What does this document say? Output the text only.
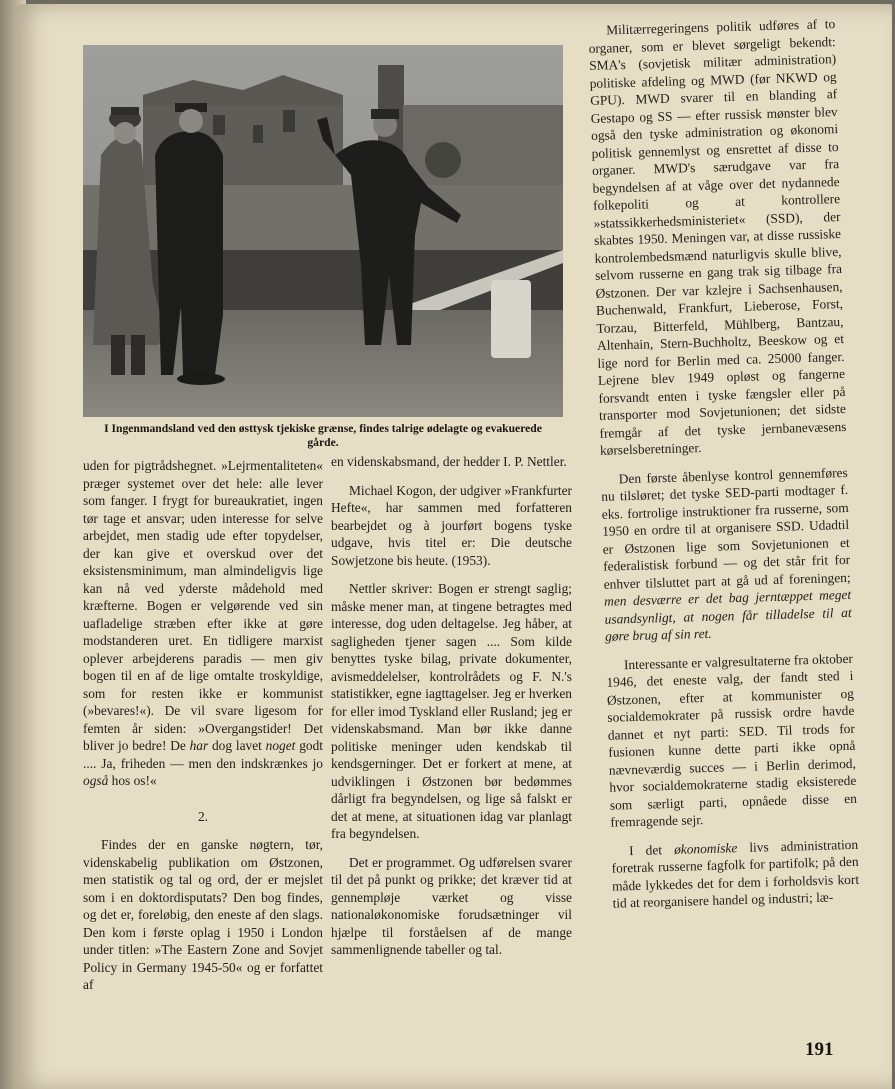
I Ingenmandsland ved den østtysk tjekiske grænse, findes talrige ødelagte og evakuerede gårde.

uden for pigtrådshegnet. »Lejrmentaliteten« præger systemet over det hele: alle lever som fanger. I frygt for bureaukratiet, ingen tør tage et ansvar; uden interesse for selve arbejdet, men stadig ude efter topydelser, der kan give et overskud over det eksistensminimum, man almindeligvis lige kan nå ved yderste mådehold med kræfterne. Bogen er velgørende ved sin uafladelige stræben efter ikke at gøre modstanderen uret. En tidligere marxist oplever arbejderens paradis — men giv bogen til en af de lige omtalte troskyldige, som for resten ikke er kommunist (»bevares!«). De vil svare ligesom for femten år siden: »Overgangstider! Det bliver jo bedre! De har dog lavet noget godt .... Ja, friheden — men den indskrænkes jo også hos os!«

2.

Findes der en ganske nøgtern, tør, videnskabelig publikation om Østzonen, men statistik og tal og ord, der er mejslet som i en doktordisputats? Den bog findes, og det er, foreløbig, den eneste af den slags. Den kom i første oplag i 1950 i London under titlen: »The Eastern Zone and Sovjet Policy in Germany 1945-50« og er forfattet af

en videnskabsmand, der hedder I. P. Nettler.

Michael Kogon, der udgiver »Frankfurter Hefte«, har sammen med forfatteren bearbejdet og à jourført bogens tyske udgave, hvis titel er: Die deutsche Sowjetzone bis heute. (1953).

Nettler skriver: Bogen er strengt saglig; måske mener man, at tingene betragtes med interesse, dog uden deltagelse. Jeg håber, at sagligheden tjener sagen .... Som kilde benyttes tyske bilag, private dokumenter, avismeddelelser, kontrolrådets og F. N.'s statistikker, egne iagttagelser. Jeg er hverken for eller imod Tyskland eller Rusland; jeg er videnskabsmand. Man bør ikke danne politiske meninger uden kendskab til kendsgerninger. Det er forkert at mene, at udviklingen i Østzonen bør bedømmes dårligt fra begyndelsen, og lige så falskt er det at mene, at situationen idag var planlagt fra begyndelsen.

Det er programmet. Og udførelsen svarer til det på punkt og prikke; det kræver tid at gennempløje værket og visse nationaløkonomiske forudsætninger vil hjælpe til forståelsen af de mange sammenlignende tabeller og tal.

Militærregeringens politik udføres af to organer, som er blevet sørgeligt bekendt: SMA's (sovjetisk militær administration) politiske afdeling og MWD (før NKWD og GPU). MWD svarer til en blanding af Gestapo og SS — efter russisk mønster blev også den tyske administration og økonomi politisk gennemlyst og ensrettet af disse to organer. MWD's særudgave var fra begyndelsen af at våge over det nydannede folkepoliti og at kontrollere »statssikkerhedsministeriet« (SSD), der skabtes 1950. Meningen var, at disse russiske kontrolembedsmænd naturligvis skulle blive, selvom russerne en gang trak sig tilbage fra Østzonen. Der var kzlejre i Sachsenhausen, Buchenwald, Frankfurt, Lieberose, Forst, Torzau, Bitterfeld, Mühlberg, Bantzau, Altenhain, Stern-Buchholtz, Beeskow og et lige nord for Berlin med ca. 25000 fanger. Lejrene blev 1949 opløst og fangerne forsvandt enten i tyske fængsler eller på transporter mod Sovjetunionen; det sidste fremgår af det tyske jernbanevæsens kørselsberetninger.

Den første åbenlyse kontrol gennemføres nu tilsløret; det tyske SED-parti modtager f. eks. fortrolige instruktioner fra russerne, som 1950 en ordre til at organisere SSD. Udadtil er Østzonen lige som Sovjetunionen et federalistisk forbund — og det står frit for enhver tilsluttet part at gå ud af foreningen; men desværre er det bag jerntæppet meget usandsynligt, at nogen får tilladelse til at gøre brug af sin ret.

Interessante er valgresultaterne fra oktober 1946, det eneste valg, der fandt sted i Østzonen, efter at kommunister og socialdemokrater på russisk ordre havde dannet et nyt parti: SED. Til trods for fusionen kunne dette parti ikke opnå nævneværdig succes — i Berlin derimod, hvor socialdemokraterne stadig eksisterede som særligt parti, opnåede disse en fremragende sejr.

I det økonomiske livs administration foretrak russerne fagfolk for partifolk; på den måde lykkedes det for dem i forholdsvis kort tid at reorganisere handel og industri; læ-

191
